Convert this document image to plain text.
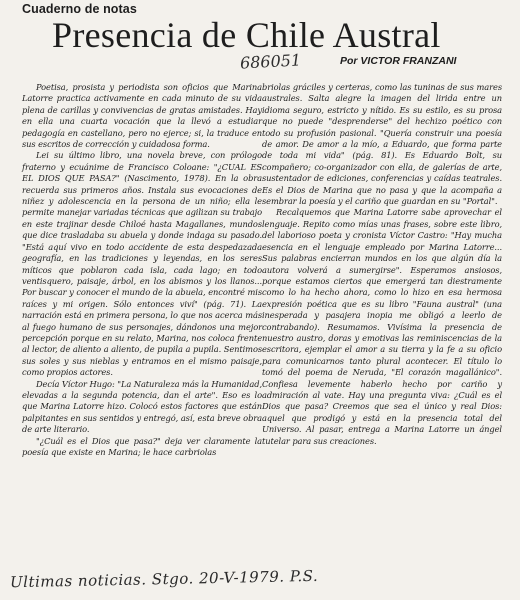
Cuaderno de notas
Presencia de Chile Austral
686051	Por VICTOR FRANZANI

Poetisa, prosista y periodista son oficios que Marina Latorre practica activamente en cada minuto de su vida plena de carillas y convivencias de gratas amistades. Hay en ella una cuarta vocación que la llevó a estudiar pedagogía en castellano, pero no ejerce; si, la traduce en sus escritos de corrección y cuidadosa forma.

Lei su último libro, una novela breve, con prólogo fraterno y ecuánime de Francisco Coloane: "¿CUAL ES EL DIOS QUE PASA?" (Nascimento, 1978). En la obra recuerda sus primeros años. Instala sus evocaciones de niñez y adolescencia en la persona de un niño; ella le permite manejar variadas técnicas que agilizan su trabajo en este trajinar desde Chiloé hasta Magallanes, mundos que dice trasladaba su abuela y donde indaga su pasado. "Está aquí vivo en todo accidente de esta despedazada geografía, en las tradiciones y leyendas, en los seres míticos que poblaron cada isla, cada lago; en todo ventisquero, paisaje, árbol, en los abismos y los llanos... Por buscar y conocer el mundo de la abuela, encontré mis raíces y mi origen. Sólo entonces viví" (pág. 71). La narración está en primera persona, lo que nos acerca más al fuego humano de sus personajes, dándonos una mejor percepción porque en su relato, Marina, nos coloca frente al lector, de aliento a aliento, de pupila a pupila. Sentimos sus soles y sus nieblas y entramos en el mismo paisaje, como propios actores.

Decía Víctor Hugo: "La Naturaleza más la Humanidad, elevadas a la segunda potencia, dan el arte". Eso es lo que Marina Latorre hizo. Colocó estos factores que están palpitantes en sus sentidos y entregó, así, esta breve obra de arte literario.

"¿Cuál es el Dios que pasa?" deja ver claramente la poesía que existe en Marina; le hace carbriolas

briolas gráciles y certeras, como las tuninas de sus mares australes. Salta alegre la imagen del lirida entre un idioma seguro, estricto y nítido. Es su estilo, es su prosa que no puede "desprenderse" del hechizo poético con todo su profusión pasional. "Quería construir una poesía de amor. De amor a la mío, a Eduardo, que forma parte de toda mi vida" (pág. 81). Es Eduardo Bolt, su compañero; co-organizador con ella, de galerías de arte, sustentador de ediciones, conferencias y caídas teatrales. Es el Dios de Marina que no pasa y que la acompaña a sembrar la poesía y el cariño que guardan en su "Portal".

Recalquemos que Marina Latorre sabe aprovechar el lenguaje. Repito como mías unas frases, sobre este libro, del laborioso poeta y cronista Víctor Castro: "Hay mucha esencia en el lenguaje empleado por Marina Latorre... Sus palabras encierran mundos en los que algún día la autora volverá a sumergirse". Esperamos ansiosos, porque estamos ciertos que emergerá tan diestramente como lo ha hecho ahora, como lo hizo en esa hermosa expresión poética que es su libro "Fauna austral" (una inesperada y pasajera inopia me obligó a leerlo de contrabando). Resumamos. Vivísima la presencia de nuestro austro, doras y emotivas las reminiscencias de la escritora, ejemplar el amor a su tierra y la fe a su oficio para comunicarnos tanto plural acontecer. El título lo tomó del poema de Neruda, "El corazón magallánico". Confiesa levemente haberlo hecho por cariño y admiración al vate. Hay una pregunta viva: ¿Cuál es el Dios que pasa? Creemos que sea el único y real Dios: aquel que prodigó y está en la presencia total del Universo. Al pasar, entrega a Marina Latorre un ángel tutelar para sus creaciones.

Ultimas noticias. Stgo. 20-V-1979. P.S.
